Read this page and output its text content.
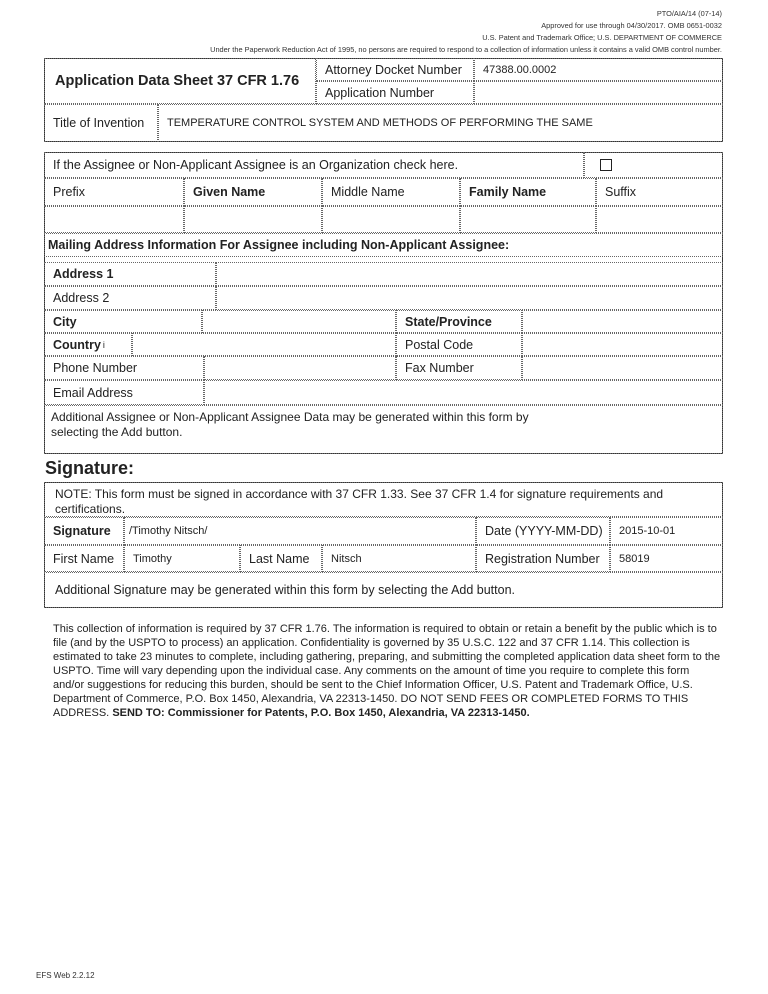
PTO/AIA/14 (07-14)
Approved for use through 04/30/2017. OMB 0651-0032
U.S. Patent and Trademark Office; U.S. DEPARTMENT OF COMMERCE
Under the Paperwork Reduction Act of 1995, no persons are required to respond to a collection of information unless it contains a valid OMB control number.
Application Data Sheet 37 CFR 1.76
Attorney Docket Number	47388.00.0002
Application Number
Title of Invention	TEMPERATURE CONTROL SYSTEM AND METHODS OF PERFORMING THE SAME
If the Assignee or Non-Applicant Assignee is an Organization check here.
Prefix	Given Name	Middle Name	Family Name	Suffix
Mailing Address Information For Assignee including Non-Applicant Assignee:
Address 1
Address 2
City	State/Province
Country i	Postal Code
Phone Number	Fax Number
Email Address
Additional Assignee or Non-Applicant Assignee Data may be generated within this form by selecting the Add button.
Signature:
NOTE: This form must be signed in accordance with 37 CFR 1.33. See 37 CFR 1.4 for signature requirements and certifications.
Signature	/Timothy Nitsch/	Date (YYYY-MM-DD)	2015-10-01
First Name	Timothy	Last Name	Nitsch	Registration Number	58019
Additional Signature may be generated within this form by selecting the Add button.
This collection of information is required by 37 CFR 1.76. The information is required to obtain or retain a benefit by the public which is to file (and by the USPTO to process) an application. Confidentiality is governed by 35 U.S.C. 122 and 37 CFR 1.14. This collection is estimated to take 23 minutes to complete, including gathering, preparing, and submitting the completed application data sheet form to the USPTO. Time will vary depending upon the individual case. Any comments on the amount of time you require to complete this form and/or suggestions for reducing this burden, should be sent to the Chief Information Officer, U.S. Patent and Trademark Office, U.S. Department of Commerce, P.O. Box 1450, Alexandria, VA 22313-1450. DO NOT SEND FEES OR COMPLETED FORMS TO THIS ADDRESS. SEND TO: Commissioner for Patents, P.O. Box 1450, Alexandria, VA 22313-1450.
EFS Web 2.2.12
